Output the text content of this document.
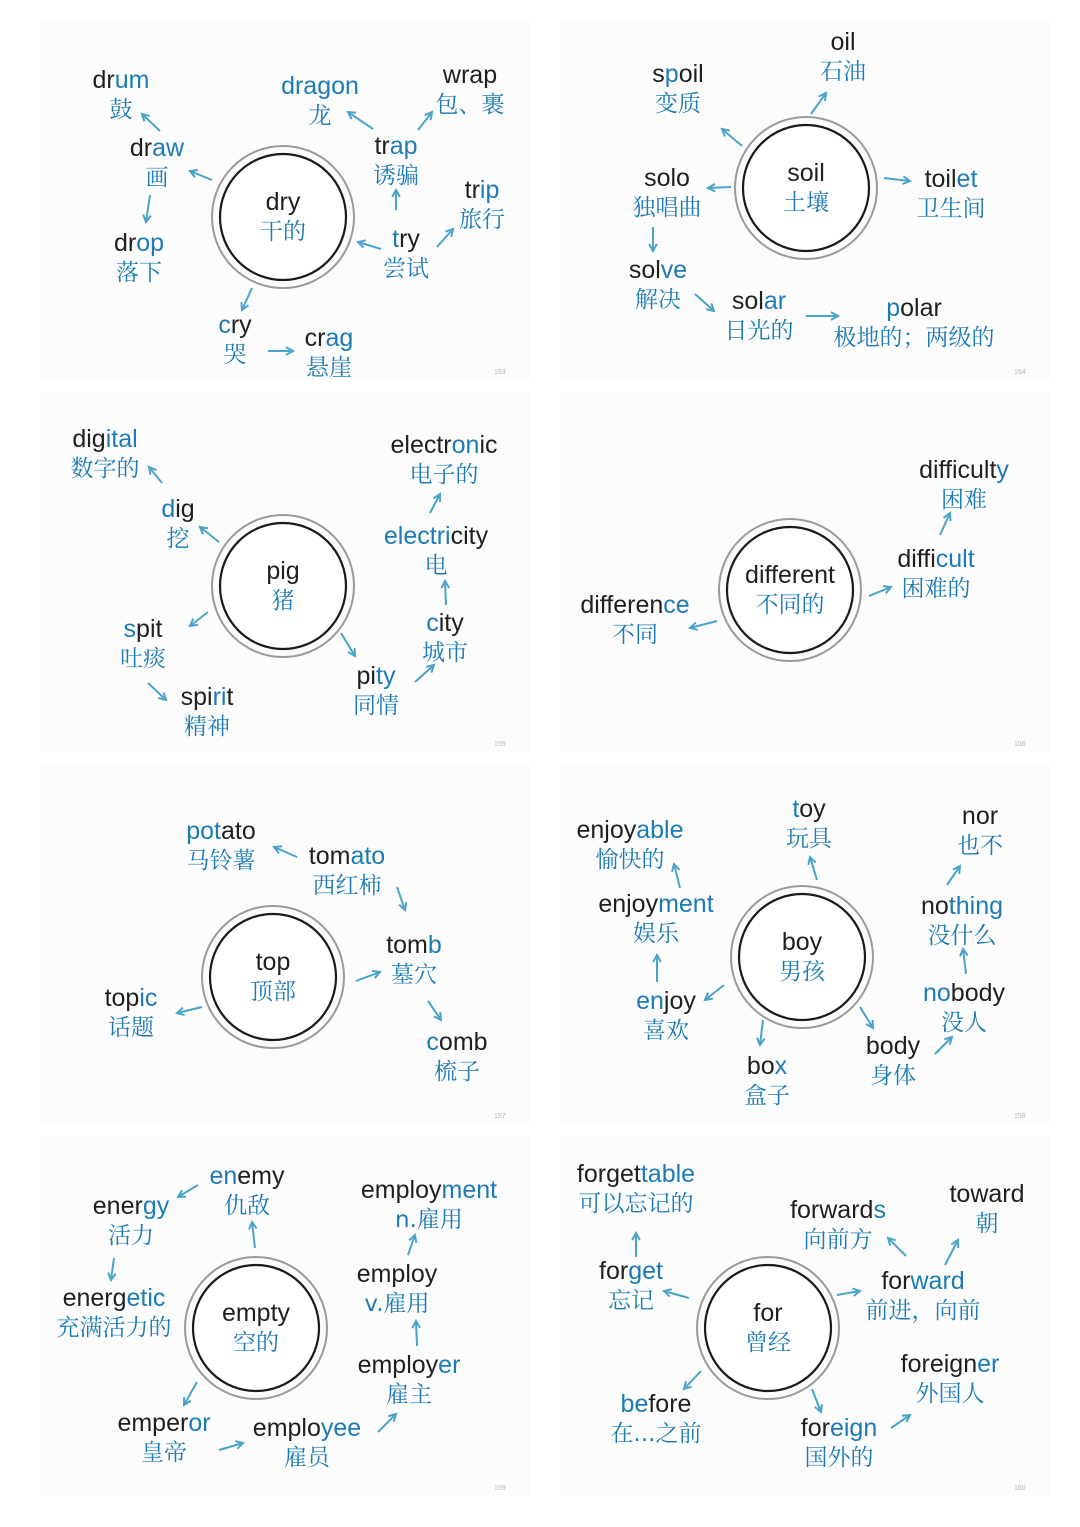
dry
干的
drum
鼓
draw
画
drop
落下
dragon
龙
trap
诱骗
wrap
包、裹
trip
旅行
try
尝试
cry
哭
crag
悬崖	153
soil
土壤
oil
石油
spoil
变质
toilet
卫生间
solo
独唱曲
solve
解决 solar
日光的
polar
极地的；两级的
154
pig
猪
digital
数字的
dig
挖
spit
吐痰
spirit
精神
electronic
电子的
electricity
电
city
城市
pity
同情
155
different
不同的
difficulty
困难
difficult
困难的
difference
不同
156
top
顶部
potato
马铃薯 tomato
西红柿
tomb
墓穴
topic
话题	comb
梳子
157
boy
男孩
toy
玩具
enjoyable
愉快的
enjoyment
娱乐
enjoy
喜欢
box
盒子
body
身体
nobody
没人
nothing
没什么
nor
也不
158
empty
空的
enemy
仇敌
energy
活力
energetic
充满活力的
emperor
皇帝
employee
雇员
employer
雇主
employ
v.雇用
employment
n.雇用
159
for
曾经
forgettable
可以忘记的
forget
忘记
forwards
向前方
toward
朝
forward
前进，向前
foreigner
外国人
foreign
国外的
before
在...之前
160
